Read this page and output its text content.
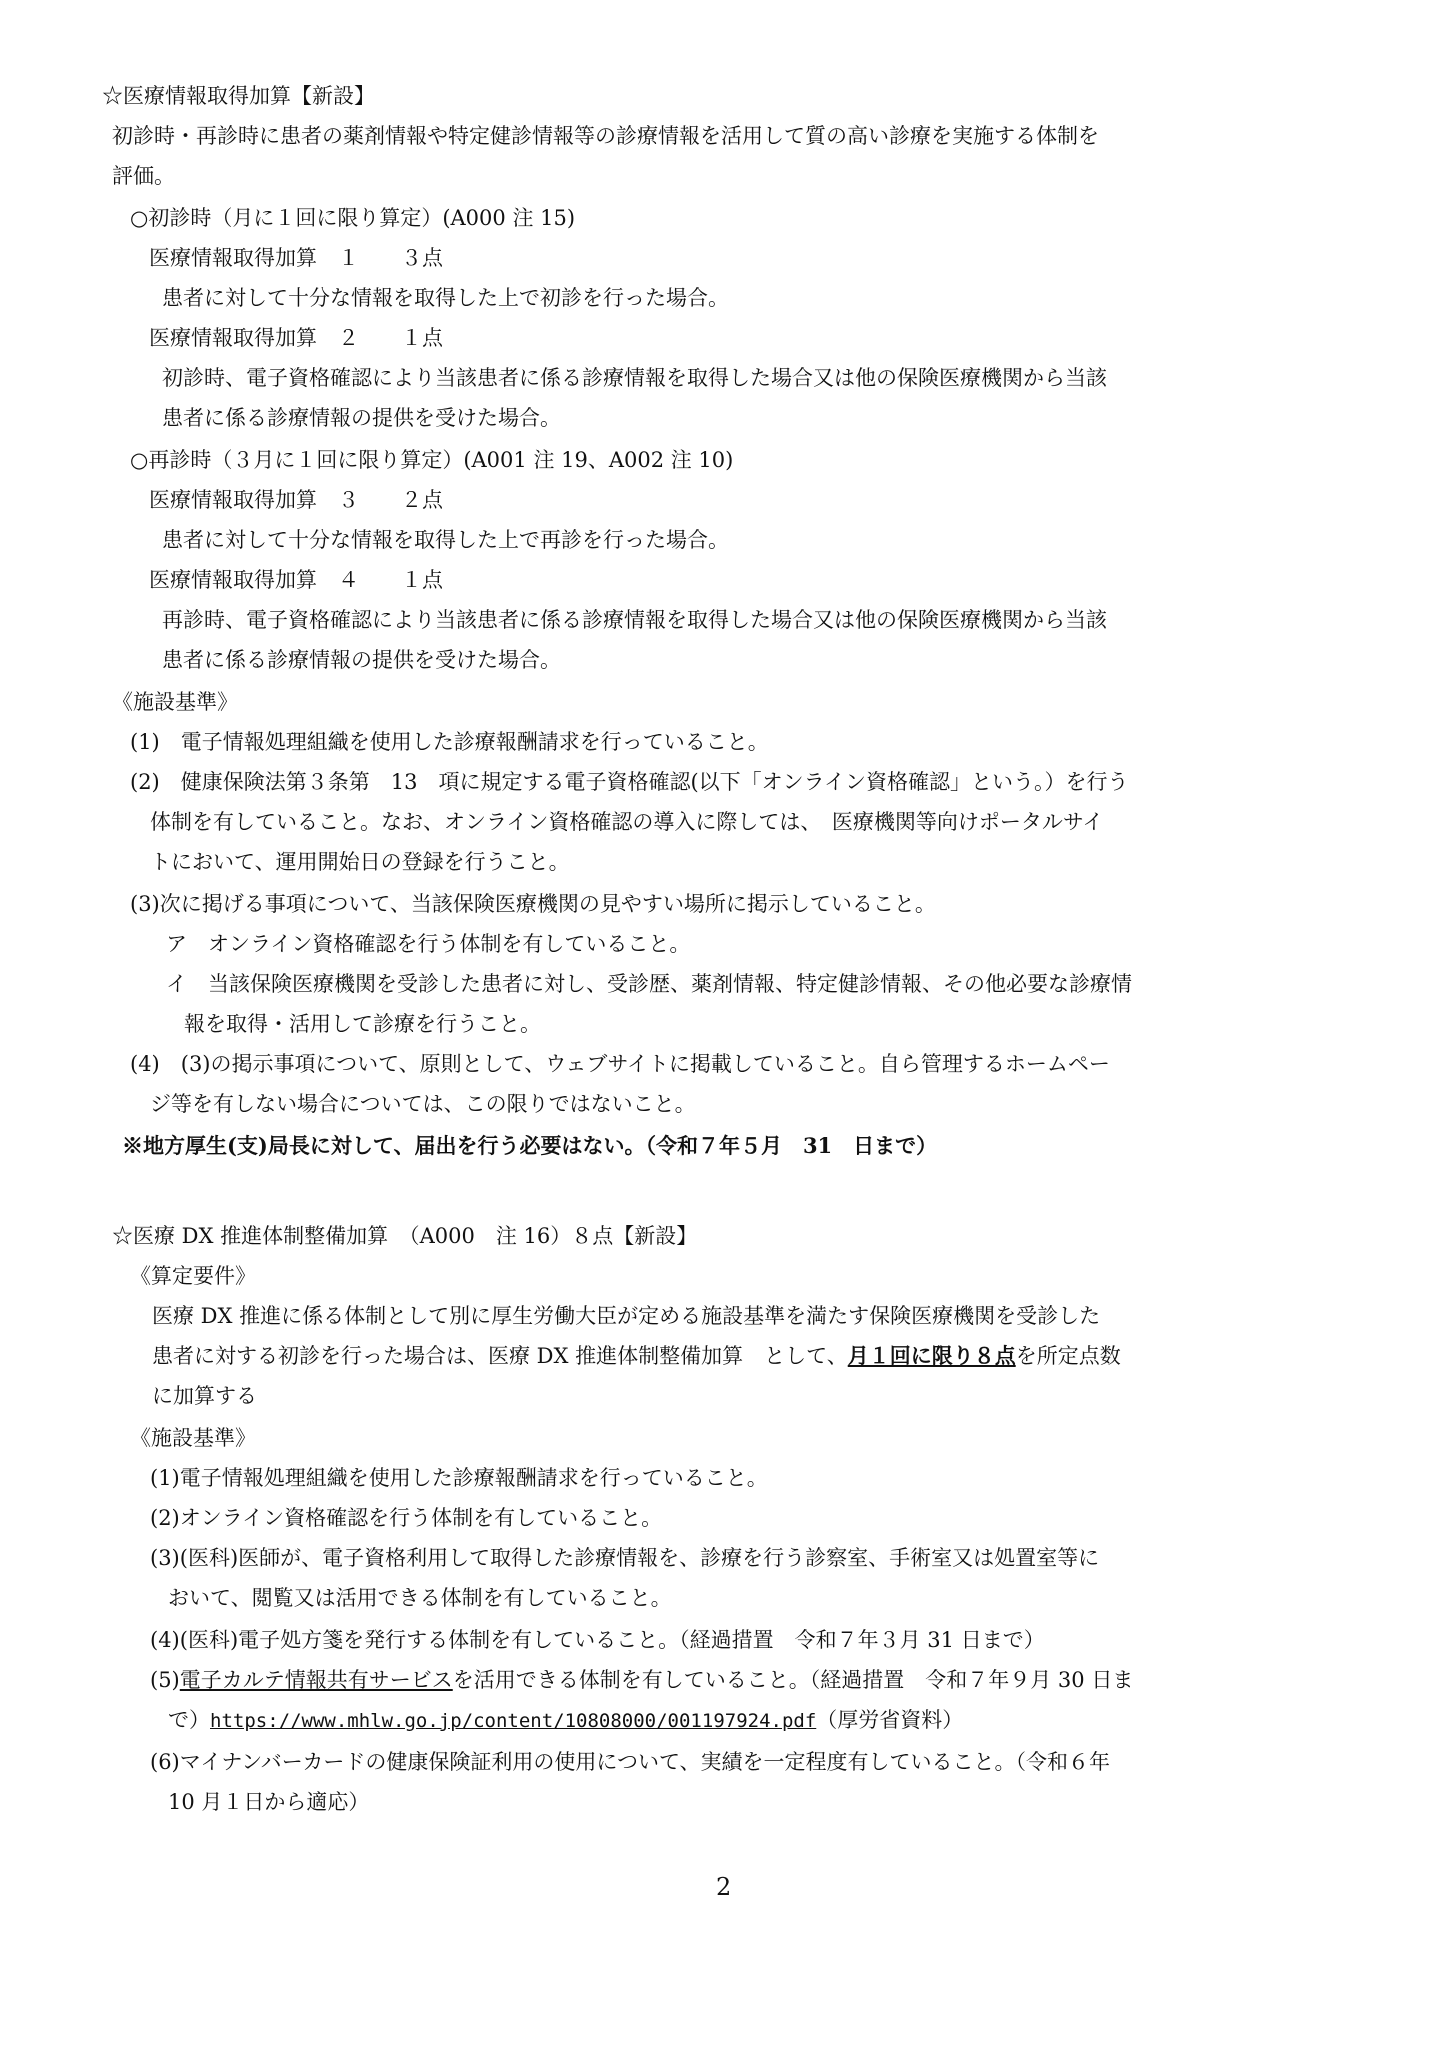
☆医療情報取得加算【新設】
初診時・再診時に患者の薬剤情報や特定健診情報等の診療情報を活用して質の高い診療を実施する体制を
評価。
○初診時（月に１回に限り算定）(A000 注 15)
医療情報取得加算　１　　３点
患者に対して十分な情報を取得した上で初診を行った場合。
医療情報取得加算　２　　１点
初診時、電子資格確認により当該患者に係る診療情報を取得した場合又は他の保険医療機関から当該
患者に係る診療情報の提供を受けた場合。
○再診時（３月に１回に限り算定）(A001 注 19、A002 注 10)
医療情報取得加算　３　　２点
患者に対して十分な情報を取得した上で再診を行った場合。
医療情報取得加算　４　　１点
再診時、電子資格確認により当該患者に係る診療情報を取得した場合又は他の保険医療機関から当該
患者に係る診療情報の提供を受けた場合。
《施設基準》
(1)　電子情報処理組織を使用した診療報酬請求を行っていること。
(2)　健康保険法第３条第　13　項に規定する電子資格確認(以下「オンライン資格確認」という。）を行う
体制を有していること。なお、オンライン資格確認の導入に際しては、　医療機関等向けポータルサイ
トにおいて、運用開始日の登録を行うこと。
(3)次に掲げる事項について、当該保険医療機関の見やすい場所に掲示していること。
ア　オンライン資格確認を行う体制を有していること。
イ　当該保険医療機関を受診した患者に対し、受診歴、薬剤情報、特定健診情報、その他必要な診療情
報を取得・活用して診療を行うこと。
(4)　(3)の掲示事項について、原則として、ウェブサイトに掲載していること。自ら管理するホームペー
ジ等を有しない場合については、この限りではないこと。
※地方厚生(支)局長に対して、届出を行う必要はない。（令和７年５月　31　日まで）
☆医療 DX 推進体制整備加算　（A000　注 16）８点【新設】
《算定要件》
医療 DX 推進に係る体制として別に厚生労働大臣が定める施設基準を満たす保険医療機関を受診した
患者に対する初診を行った場合は、医療 DX 推進体制整備加算　として、月１回に限り８点を所定点数
に加算する
《施設基準》
(1)電子情報処理組織を使用した診療報酬請求を行っていること。
(2)オンライン資格確認を行う体制を有していること。
(3)(医科)医師が、電子資格利用して取得した診療情報を、診療を行う診察室、手術室又は処置室等に
おいて、閲覧又は活用できる体制を有していること。
(4)(医科)電子処方箋を発行する体制を有していること。（経過措置　令和７年３月 31 日まで）
(5)電子カルテ情報共有サービスを活用できる体制を有していること。（経過措置　令和７年９月 30 日ま
で）https://www.mhlw.go.jp/content/10808000/001197924.pdf（厚労省資料）
(6)マイナンバーカードの健康保険証利用の使用について、実績を一定程度有していること。（令和６年
10 月１日から適応）
2
